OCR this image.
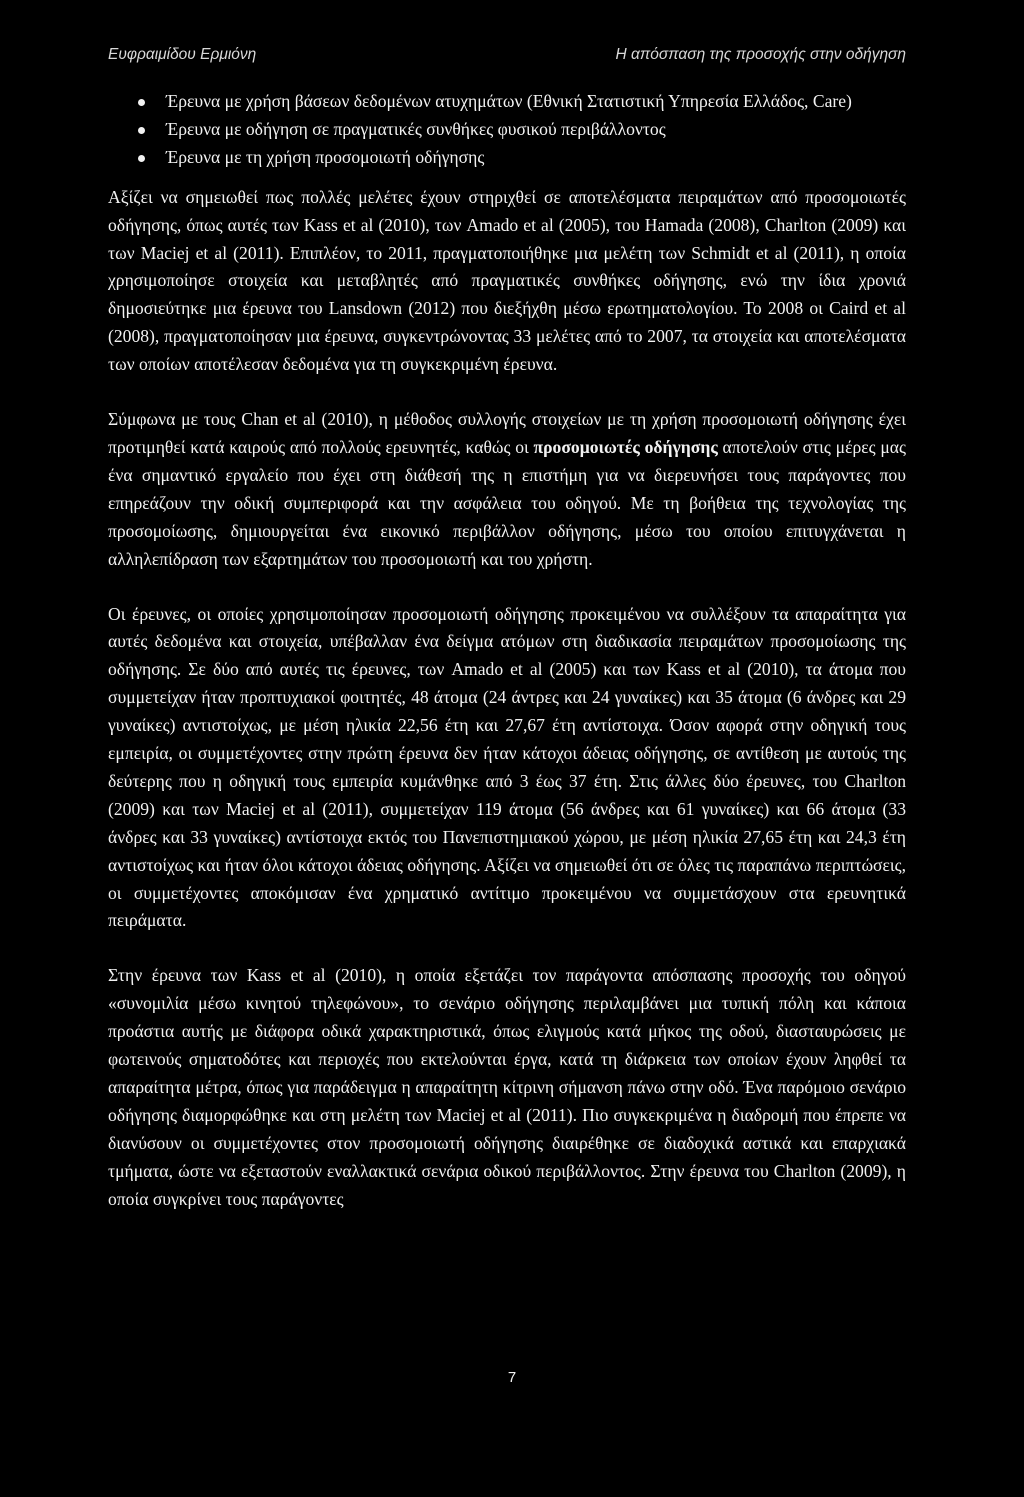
Ευφραιμίδου Ερμιόνη	Η απόσπαση της προσοχής στην οδήγηση
Έρευνα με χρήση βάσεων δεδομένων ατυχημάτων (Εθνική Στατιστική Υπηρεσία Ελλάδος, Care)
Έρευνα με οδήγηση σε πραγματικές συνθήκες φυσικού περιβάλλοντος
Έρευνα με τη χρήση προσομοιωτή οδήγησης

Αξίζει να σημειωθεί πως πολλές μελέτες έχουν στηριχθεί σε αποτελέσματα πειραμάτων από προσομοιωτές οδήγησης, όπως αυτές των Kass et al (2010), των Amado et al (2005), του Hamada (2008), Charlton (2009) και των Maciej et al (2011). Επιπλέον, το 2011, πραγματοποιήθηκε μια μελέτη των Schmidt et al (2011), η οποία χρησιμοποίησε στοιχεία και μεταβλητές από πραγματικές συνθήκες οδήγησης, ενώ την ίδια χρονιά δημοσιεύτηκε μια έρευνα του Lansdown (2012) που διεξήχθη μέσω ερωτηματολογίου. Το 2008 οι Caird et al (2008), πραγματοποίησαν μια έρευνα, συγκεντρώνοντας 33 μελέτες από το 2007, τα στοιχεία και αποτελέσματα των οποίων αποτέλεσαν δεδομένα για τη συγκεκριμένη έρευνα.

Σύμφωνα με τους Chan et al (2010), η μέθοδος συλλογής στοιχείων με τη χρήση προσομοιωτή οδήγησης έχει προτιμηθεί κατά καιρούς από πολλούς ερευνητές, καθώς οι προσομοιωτές οδήγησης αποτελούν στις μέρες μας ένα σημαντικό εργαλείο που έχει στη διάθεσή της η επιστήμη για να διερευνήσει τους παράγοντες που επηρεάζουν την οδική συμπεριφορά και την ασφάλεια του οδηγού. Με τη βοήθεια της τεχνολογίας της προσομοίωσης, δημιουργείται ένα εικονικό περιβάλλον οδήγησης, μέσω του οποίου επιτυγχάνεται η αλληλεπίδραση των εξαρτημάτων του προσομοιωτή και του χρήστη.

Οι έρευνες, οι οποίες χρησιμοποίησαν προσομοιωτή οδήγησης προκειμένου να συλλέξουν τα απαραίτητα για αυτές δεδομένα και στοιχεία, υπέβαλλαν ένα δείγμα ατόμων στη διαδικασία πειραμάτων προσομοίωσης της οδήγησης. Σε δύο από αυτές τις έρευνες, των Amado et al (2005) και των Kass et al (2010), τα άτομα που συμμετείχαν ήταν προπτυχιακοί φοιτητές, 48 άτομα (24 άντρες και 24 γυναίκες) και 35 άτομα (6 άνδρες και 29 γυναίκες) αντιστοίχως, με μέση ηλικία 22,56 έτη και 27,67 έτη αντίστοιχα. Όσον αφορά στην οδηγική τους εμπειρία, οι συμμετέχοντες στην πρώτη έρευνα δεν ήταν κάτοχοι άδειας οδήγησης, σε αντίθεση με αυτούς της δεύτερης που η οδηγική τους εμπειρία κυμάνθηκε από 3 έως 37 έτη. Στις άλλες δύο έρευνες, του Charlton (2009) και των Maciej et al (2011), συμμετείχαν 119 άτομα (56 άνδρες και 61 γυναίκες) και 66 άτομα (33 άνδρες και 33 γυναίκες) αντίστοιχα εκτός του Πανεπιστημιακού χώρου, με μέση ηλικία 27,65 έτη και 24,3 έτη αντιστοίχως και ήταν όλοι κάτοχοι άδειας οδήγησης. Αξίζει να σημειωθεί ότι σε όλες τις παραπάνω περιπτώσεις, οι συμμετέχοντες αποκόμισαν ένα χρηματικό αντίτιμο προκειμένου να συμμετάσχουν στα ερευνητικά πειράματα.

Στην έρευνα των Kass et al (2010), η οποία εξετάζει τον παράγοντα απόσπασης προσοχής του οδηγού «συνομιλία μέσω κινητού τηλεφώνου», το σενάριο οδήγησης περιλαμβάνει μια τυπική πόλη και κάποια προάστια αυτής με διάφορα οδικά χαρακτηριστικά, όπως ελιγμούς κατά μήκος της οδού, διασταυρώσεις με φωτεινούς σηματοδότες και περιοχές που εκτελούνται έργα, κατά τη διάρκεια των οποίων έχουν ληφθεί τα απαραίτητα μέτρα, όπως για παράδειγμα η απαραίτητη κίτρινη σήμανση πάνω στην οδό. Ένα παρόμοιο σενάριο οδήγησης διαμορφώθηκε και στη μελέτη των Maciej et al (2011). Πιο συγκεκριμένα η διαδρομή που έπρεπε να διανύσουν οι συμμετέχοντες στον προσομοιωτή οδήγησης διαιρέθηκε σε διαδοχικά αστικά και επαρχιακά τμήματα, ώστε να εξεταστούν εναλλακτικά σενάρια οδικού περιβάλλοντος. Στην έρευνα του Charlton (2009), η οποία συγκρίνει τους παράγοντες

7
